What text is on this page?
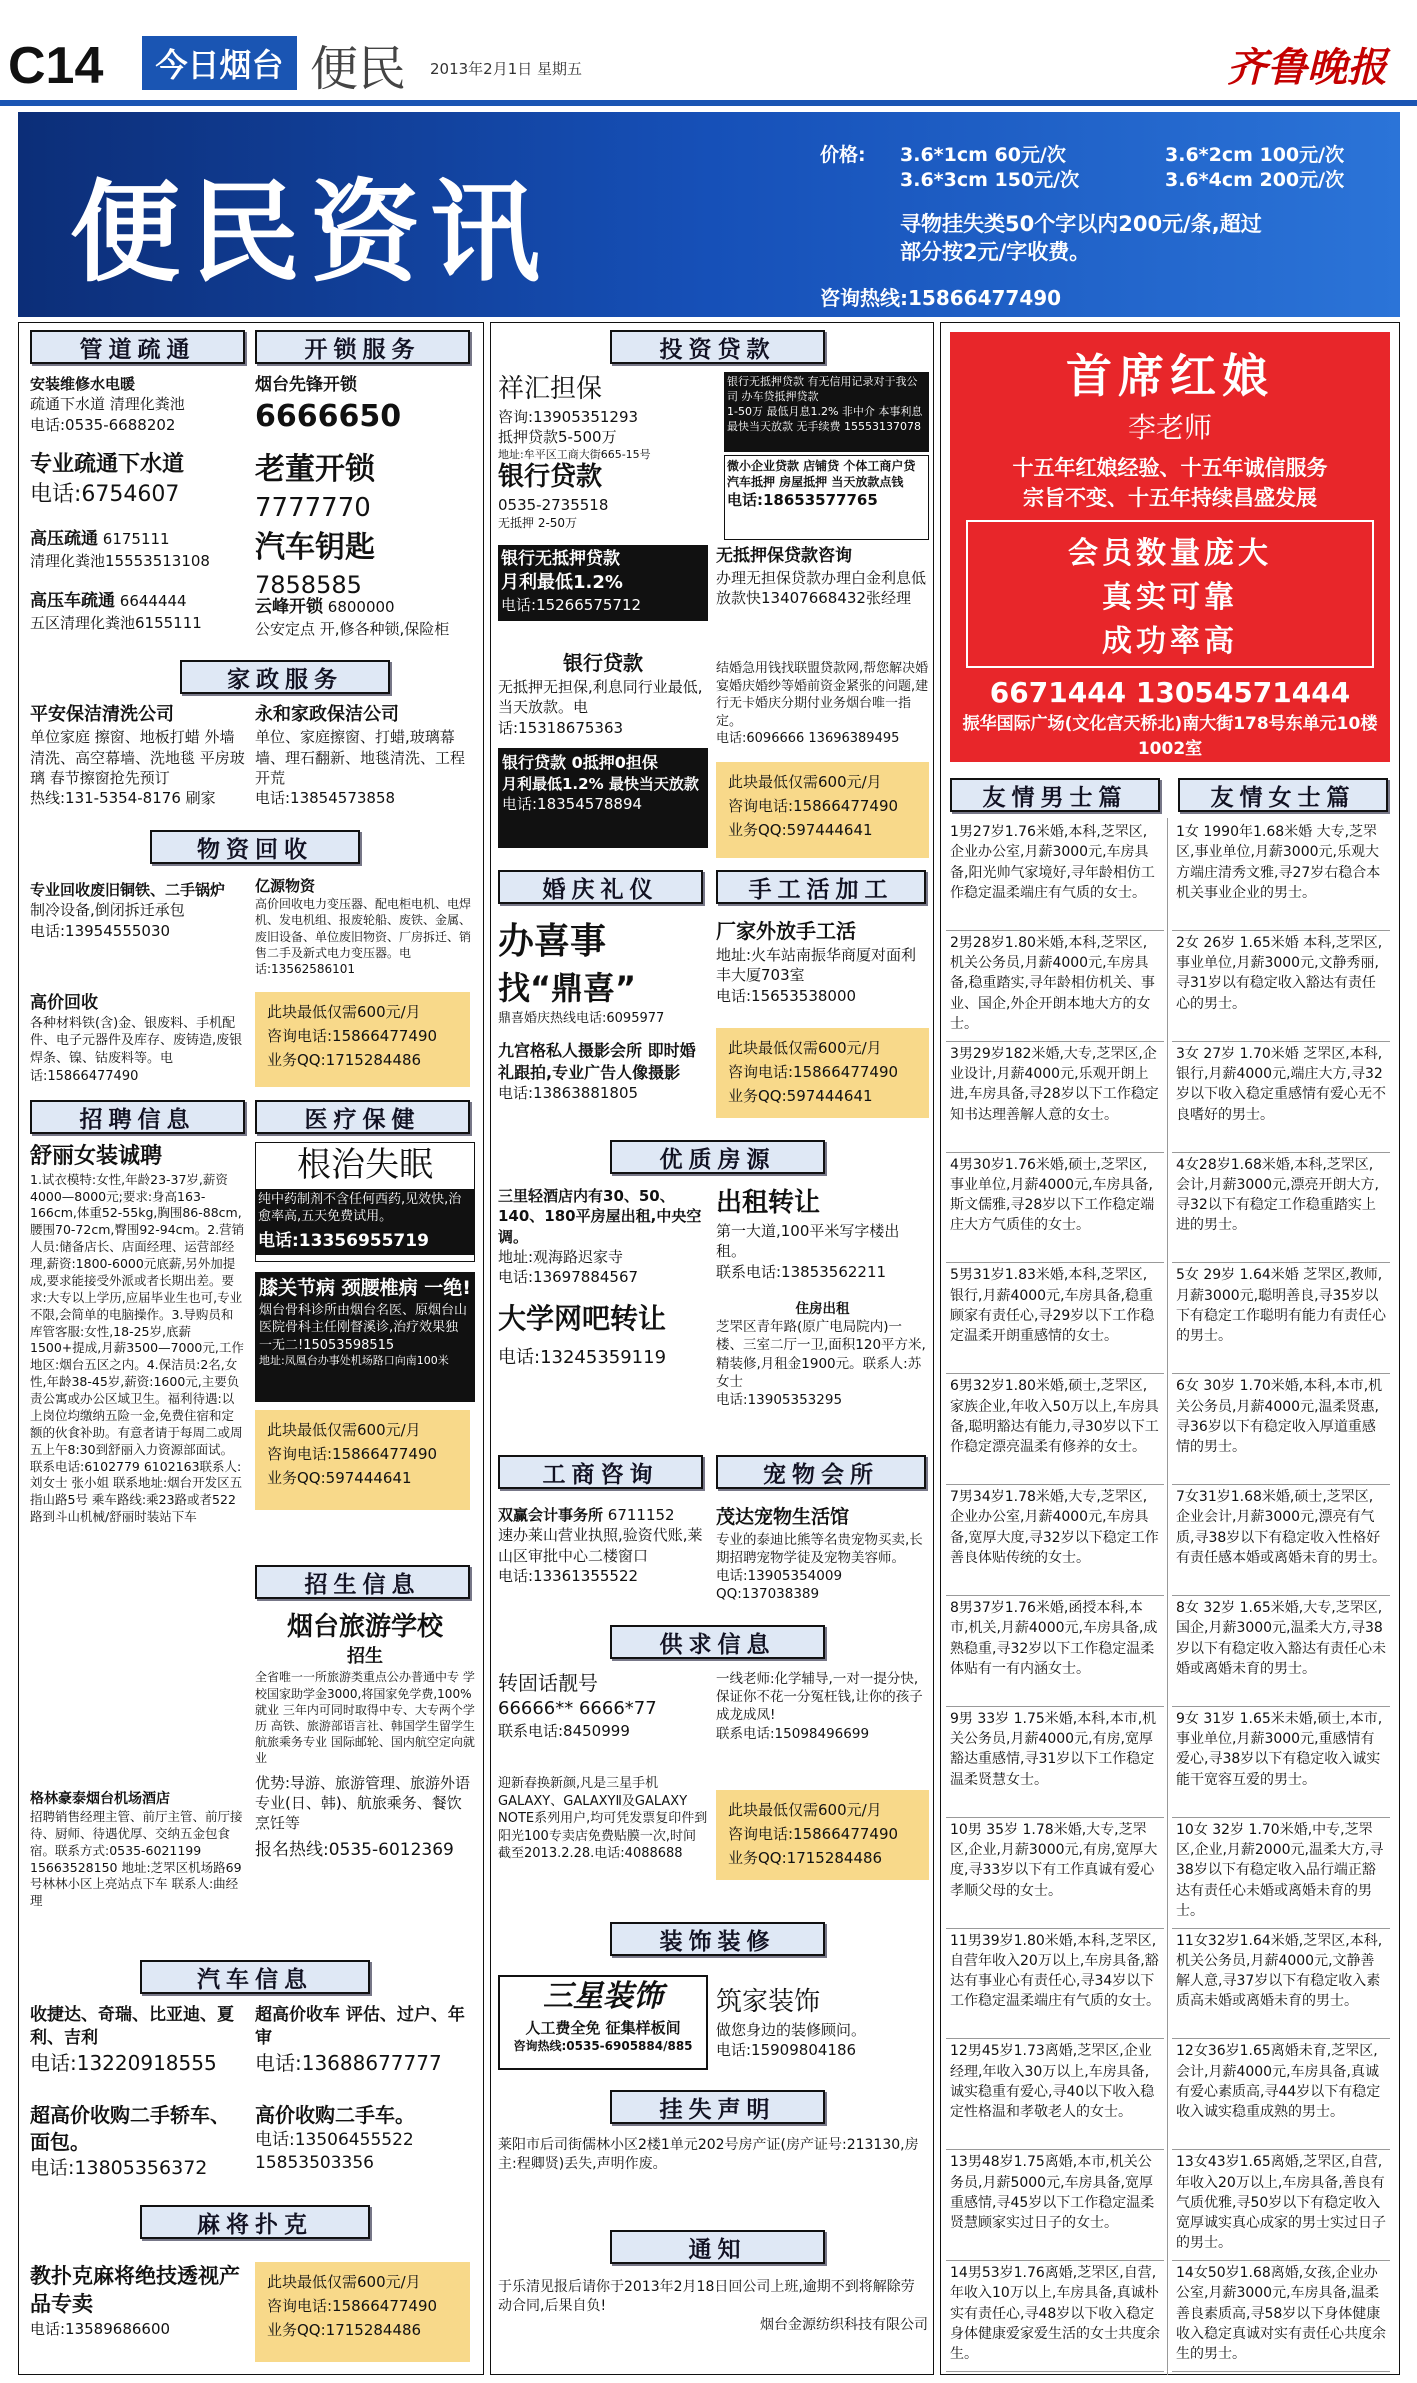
C14	今日烟台 便民 2013年2月1日 星期五	齐鲁晚报
便民资讯
价格: 3.6*1cm 60元/次	3.6*2cm 100元/次
3.6*3cm 150元/次	3.6*4cm 200元/次
寻物挂失类50个字以内200元/条,超过
部分按2元/字收费。
咨询热线:15866477490
管道疏通	开锁服务
安装维修水电暖
疏通下水道 清理化粪池
电话:0535-6688202
专业疏通下水道
电话:6754607
高压疏通 6175111
清理化粪池15553513108
高压车疏通 6644444
五区清理化粪池6155111
烟台先锋开锁
6666650
老董开锁
7777770
汽车钥匙
7858585
云峰开锁 6800000
公安定点 开,修各种锁,保险柜
家政服务
平安保洁清洗公司
单位家庭 擦窗、地板打蜡 外墙清洗、高空幕墙、洗地毯 平房玻璃 春节擦窗抢先预订
热线:131-5354-8176 刷家
永和家政保洁公司
单位、家庭擦窗、打蜡,玻璃幕墙、理石翻新、地毯清洗、工程开荒
电话:13854573858
物资回收
专业回收废旧铜铁、二手锅炉
制冷设备,倒闭拆迁承包
电话:13954555030
亿源物资
高价回收电力变压器、配电柜电机、电焊机、发电机组、报废轮船、废铁、金属、废旧设备、单位废旧物资、厂房拆迁、销售二手及新式电力变压器。电话:13562586101
高价回收
各种材料铁(含)金、银废料、手机配件、电子元器件及库存、废铸造,废银焊条、镍、钴废料等。电话:15866477490
此块最低仅需600元/月
咨询电话:15866477490
业务QQ:1715284486
招聘信息	医疗保健
舒丽女装诚聘
1.试衣模特:女性,年龄23-37岁,薪资4000—8000元;要求:身高163-166cm,体重52-55kg,胸围86-88cm,腰围70-72cm,臀围92-94cm。2.营销人员:储备店长、店面经理、运营部经理,薪资:1800-6000元底薪,另外加提成,要求能接受外派或者长期出差。要求:大专以上学历,应届毕业生也可,专业不限,会简单的电脑操作。3.导购员和库管客服:女性,18-25岁,底薪1500+提成,月薪3500—7000元,工作地区:烟台五区之内。4.保洁员:2名,女性,年龄38-45岁,薪资:1600元,主要负责公寓或办公区域卫生。福利待遇:以上岗位均缴纳五险一金,免费住宿和定额的伙食补助。有意者请于每周二或周五上午8:30到舒丽入力资源部面试。联系电话:6102779 6102163联系人:刘女士 张小姐 联系地址:烟台开发区五指山路5号 乘车路线:乘23路或者522路到斗山机械/舒丽时装站下车
格林豪泰烟台机场酒店
招聘销售经理主管、前厅主管、前厅接待、厨师、待遇优厚、交纳五金包食宿。联系方式:0535-6021199 15663528150 地址:芝罘区机场路69号林林小区上亮站点下车 联系人:曲经理
根治失眠
纯中药制剂不含任何西药,见效快,治愈率高,五天免费试用。
电话:13356955719
膝关节病 颈腰椎病 一绝!
烟台骨科诊所由烟台名医、原烟台山医院骨科主任刚督溪诊,治疗效果独一无二!15053598515
地址:凤凰台办事处机场路口向南100米
此块最低仅需600元/月
咨询电话:15866477490
业务QQ:597444641
招生信息
烟台旅游学校
招生
全省唯一一所旅游类重点公办普通中专 学校国家助学金3000,将国家免学费,100%就业 三年内可同时取得中专、大专两个学历 高铁、旅游部语言社、韩国学生留学生 航旅乘务专业 国际邮轮、国内航空定向就业
优势:导游、旅游管理、旅游外语专业(日、韩)、航旅乘务、餐饮烹饪等
报名热线:0535-6012369
汽车信息
收捷达、奇瑞、比亚迪、夏利、吉利
电话:13220918555
超高价收车 评估、过户、年审
电话:13688677777
超高价收购二手轿车、面包。
电话:13805356372
高价收购二手车。
电话:13506455522
15853503356
麻将扑克
教扑克麻将绝技透视产品专卖
电话:13589686600
此块最低仅需600元/月
咨询电话:15866477490
业务QQ:1715284486
投资贷款
祥汇担保
咨询:13905351293
抵押贷款5-500万
地址:牟平区工商大街665-15号
银行无抵押贷款 有无信用记录对于我公司 办车贷抵押贷款
1-50万 最低月息1.2% 非中介 本事利息 最快当天放款 无手续费 15553137078
银行贷款
0535-2735518
无抵押 2-50万
微小企业贷款 店铺贷 个体工商户贷 汽车抵押 房屋抵押 当天放款点钱
电话:18653577765
银行无抵押贷款
月利最低1.2%
电话:15266575712
无抵押保贷款咨询
办理无担保贷款办理白金利息低放款快13407668432张经理
银行贷款
无抵押无担保,利息同行业最低,当天放款。电话:15318675363
结婚急用钱找联盟贷款网,帮您解决婚宴婚庆婚纱等婚前资金紧张的问题,建行无卡婚庆分期付业务烟台唯一指定。
电话:6096666 13696389495
银行贷款 0抵押0担保
月利最低1.2% 最快当天放款
电话:18354578894
此块最低仅需600元/月
咨询电话:15866477490
业务QQ:597444641
婚庆礼仪	手工活加工
办喜事
找“鼎喜”
鼎喜婚庆热线电话:6095977
九宫格私人摄影会所 即时婚礼跟拍,专业广告人像摄影
电话:13863881805
厂家外放手工活
地址:火车站南振华商厦对面利丰大厦703室
电话:15653538000
此块最低仅需600元/月
咨询电话:15866477490
业务QQ:597444641
优质房源
三里轻酒店内有30、50、140、180平房屋出租,中央空调。
地址:观海路迟家寺
电话:13697884567
出租转让
第一大道,100平米写字楼出租。
联系电话:13853562211
住房出租
芝罘区青年路(原广电局院内)一楼、三室二厅一卫,面积120平方米,精装修,月租金1900元。联系人:苏女士
电话:13905353295
大学网吧转让
电话:13245359119
工商咨询	宠物会所
双赢会计事务所 6711152
速办莱山营业执照,验资代账,莱山区审批中心二楼窗口
电话:13361355522
茂达宠物生活馆
专业的泰迪比熊等名贵宠物买卖,长期招聘宠物学徒及宠物美容师。
电话:13905354009 QQ:137038389
供求信息
转固话靓号
66666** 6666*77
联系电话:8450999
一线老师:化学辅导,一对一提分快,保证你不花一分冤枉钱,让你的孩子成龙成凤!
联系电话:15098496699
迎新春换新颜,凡是三星手机GALAXY、GALAXYⅡ及GALAXY NOTE系列用户,均可凭发票复印件到阳光100专卖店免费贴膜一次,时间截至2013.2.28.电话:4088688
此块最低仅需600元/月
咨询电话:15866477490
业务QQ:1715284486
装饰装修
三星装饰
人工费全免 征集样板间
咨询热线:0535-6905884/885
筑家装饰
做您身边的装修顾问。
电话:15909804186
挂失声明
莱阳市后司街儒林小区2楼1单元202号房产证(房产证号:213130,房主:程卿贤)丢失,声明作废。
通知
于乐清见报后请你于2013年2月18日回公司上班,逾期不到将解除劳动合同,后果自负!
烟台金源纺织科技有限公司
首席红娘
李老师
十五年红娘经验、十五年诚信服务
宗旨不变、十五年持续昌盛发展
会员数量庞大
真实可靠
成功率高
6671444 13054571444
振华国际广场(文化宫天桥北)南大街178号东单元10楼1002室
友情男士篇	友情女士篇
1男27岁1.76米婚,本科,芝罘区,企业办公室,月薪3000元,车房具备,阳光帅气家境好,寻年龄相仿工作稳定温柔端庄有气质的女士。
2男28岁1.80米婚,本科,芝罘区,机关公务员,月薪4000元,车房具备,稳重踏实,寻年龄相仿机关、事业、国企,外企开朗本地大方的女士。
3男29岁182米婚,大专,芝罘区,企业设计,月薪4000元,乐观开朗上进,车房具备,寻28岁以下工作稳定知书达理善解人意的女士。
4男30岁1.76米婚,硕士,芝罘区,事业单位,月薪4000元,车房具备,斯文儒雅,寻28岁以下工作稳定端庄大方气质佳的女士。
5男31岁1.83米婚,本科,芝罘区,银行,月薪4000元,车房具备,稳重顾家有责任心,寻29岁以下工作稳定温柔开朗重感情的女士。
6男32岁1.80米婚,硕士,芝罘区,家族企业,年收入50万以上,车房具备,聪明豁达有能力,寻30岁以下工作稳定漂亮温柔有修养的女士。
7男34岁1.78米婚,大专,芝罘区,企业办公室,月薪4000元,车房具备,宽厚大度,寻32岁以下稳定工作善良体贴传统的女士。
8男37岁1.76米婚,函授本科,本市,机关,月薪4000元,车房具备,成熟稳重,寻32岁以下工作稳定温柔体贴有一有内涵女士。
9男 33岁 1.75米婚,本科,本市,机关公务员,月薪4000元,有房,宽厚豁达重感情,寻31岁以下工作稳定温柔贤慧女士。
10男 35岁 1.78米婚,大专,芝罘区,企业,月薪3000元,有房,宽厚大度,寻33岁以下有工作真诚有爱心孝顺父母的女士。
11男39岁1.80米婚,本科,芝罘区,自营年收入20万以上,车房具备,豁达有事业心有责任心,寻34岁以下工作稳定温柔端庄有气质的女士。
12男45岁1.73离婚,芝罘区,企业经理,年收入30万以上,车房具备,诚实稳重有爱心,寻40以下收入稳定性格温和孝敬老人的女士。
13男48岁1.75离婚,本市,机关公务员,月薪5000元,车房具备,宽厚重感情,寻45岁以下工作稳定温柔贤慧顾家实过日子的女士。
14男53岁1.76离婚,芝罘区,自营,年收入10万以上,车房具备,真诚朴实有责任心,寻48岁以下收入稳定身体健康爱家爱生活的女士共度余生。
1女 1990年1.68米婚 大专,芝罘区,事业单位,月薪3000元,乐观大方端庄清秀文雅,寻27岁右稳合本机关事业企业的男士。
2女 26岁 1.65米婚 本科,芝罘区,事业单位,月薪3000元,文静秀丽,寻31岁以有稳定收入豁达有责任心的男士。
3女 27岁 1.70米婚 芝罘区,本科,银行,月薪4000元,端庄大方,寻32岁以下收入稳定重感情有爱心无不良嗜好的男士。
4女28岁1.68米婚,本科,芝罘区,会计,月薪3000元,漂亮开朗大方,寻32以下有稳定工作稳重踏实上进的男士。
5女 29岁 1.64米婚 芝罘区,教师,月薪3000元,聪明善良,寻35岁以下有稳定工作聪明有能力有责任心的男士。
6女 30岁 1.70米婚,本科,本市,机关公务员,月薪4000元,温柔贤惠,寻36岁以下有稳定收入厚道重感情的男士。
7女31岁1.68米婚,硕士,芝罘区,企业会计,月薪3000元,漂亮有气质,寻38岁以下有稳定收入性格好有责任感本婚或离婚未育的男士。
8女 32岁 1.65米婚,大专,芝罘区,国企,月薪3000元,温柔大方,寻38岁以下有稳定收入豁达有责任心未婚或离婚未育的男士。
9女 31岁 1.65米未婚,硕士,本市,事业单位,月薪3000元,重感情有爱心,寻38岁以下有稳定收入诚实能干宽容互爱的男士。
10女 32岁 1.70米婚,中专,芝罘区,企业,月薪2000元,温柔大方,寻38岁以下有稳定收入品行端正豁达有责任心未婚或离婚未育的男士。
11女32岁1.64米婚,芝罘区,本科,机关公务员,月薪4000元,文静善解人意,寻37岁以下有稳定收入素质高未婚或离婚未育的男士。
12女36岁1.65离婚未育,芝罘区,会计,月薪4000元,车房具备,真诚有爱心素质高,寻44岁以下有稳定收入诚实稳重成熟的男士。
13女43岁1.65离婚,芝罘区,自营,年收入20万以上,车房具备,善良有气质优雅,寻50岁以下有稳定收入宽厚诚实真心成家的男士实过日子的男士。
14女50岁1.68离婚,女孩,企业办公室,月薪3000元,车房具备,温柔善良素质高,寻58岁以下身体健康收入稳定真诚对实有责任心共度余生的男士。
